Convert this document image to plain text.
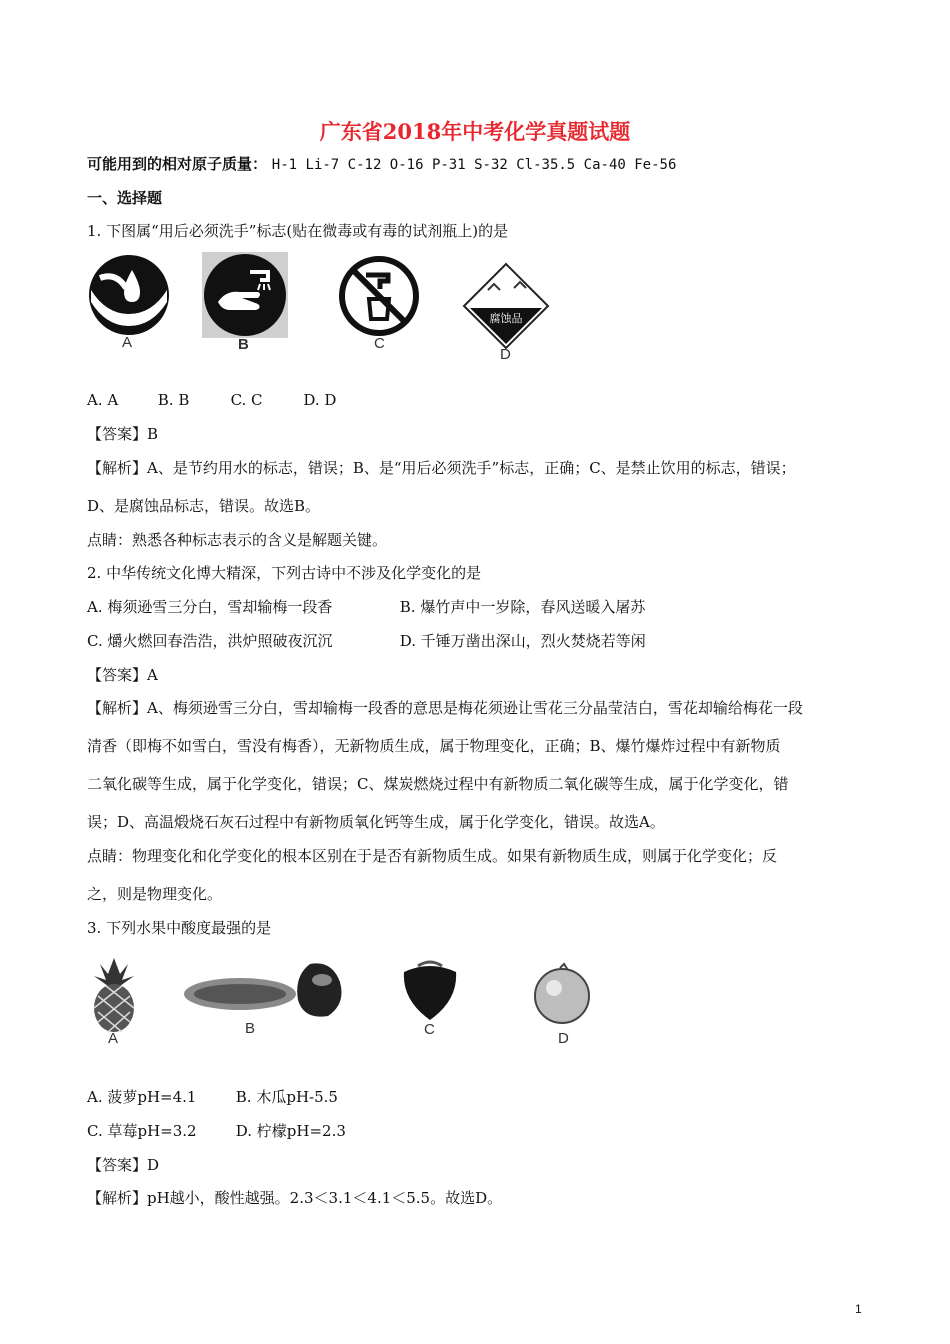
广东省2018年中考化学真题试题
可能用到的相对原子质量： H-1 Li-7 C-12 O-16 P-31 S-32 Cl-35.5 Ca-40 Fe-56
一、选择题
1. 下图属“用后必须洗手”标志(贴在微毒或有毒的试剂瓶上)的是
腐蚀品
A	B	C
D
A. A	B. B	C. C	D. D
【答案】B
【解析】A、是节约用水的标志，错误；B、是“用后必须洗手”标志，正确；C、是禁止饮用的标志，错误；
D、是腐蚀品标志，错误。故选B。
点睛：熟悉各种标志表示的含义是解题关键。
2. 中华传统文化博大精深，下列古诗中不涉及化学变化的是
A. 梅须逊雪三分白，雪却输梅一段香	B. 爆竹声中一岁除，春风送暖入屠苏
C. 爝火燃回春浩浩，洪炉照破夜沉沉	D. 千锤万凿出深山，烈火焚烧若等闲
【答案】A
【解析】A、梅须逊雪三分白，雪却输梅一段香的意思是梅花须逊让雪花三分晶莹洁白，雪花却输给梅花一段
清香（即梅不如雪白，雪没有梅香），无新物质生成，属于物理变化，正确；B、爆竹爆炸过程中有新物质
二氧化碳等生成，属于化学变化，错误；C、煤炭燃烧过程中有新物质二氧化碳等生成，属于化学变化，错
误；D、高温煅烧石灰石过程中有新物质氧化钙等生成，属于化学变化，错误。故选A。
点睛：物理变化和化学变化的根本区别在于是否有新物质生成。如果有新物质生成，则属于化学变化；反
之，则是物理变化。
3. 下列水果中酸度最强的是
A
B	C
D
A. 菠萝pH=4.1	B. 木瓜pH-5.5
C. 草莓pH=3.2	D. 柠檬pH=2.3
【答案】D
【解析】pH越小，酸性越强。2.3＜3.1＜4.1＜5.5。故选D。
1
